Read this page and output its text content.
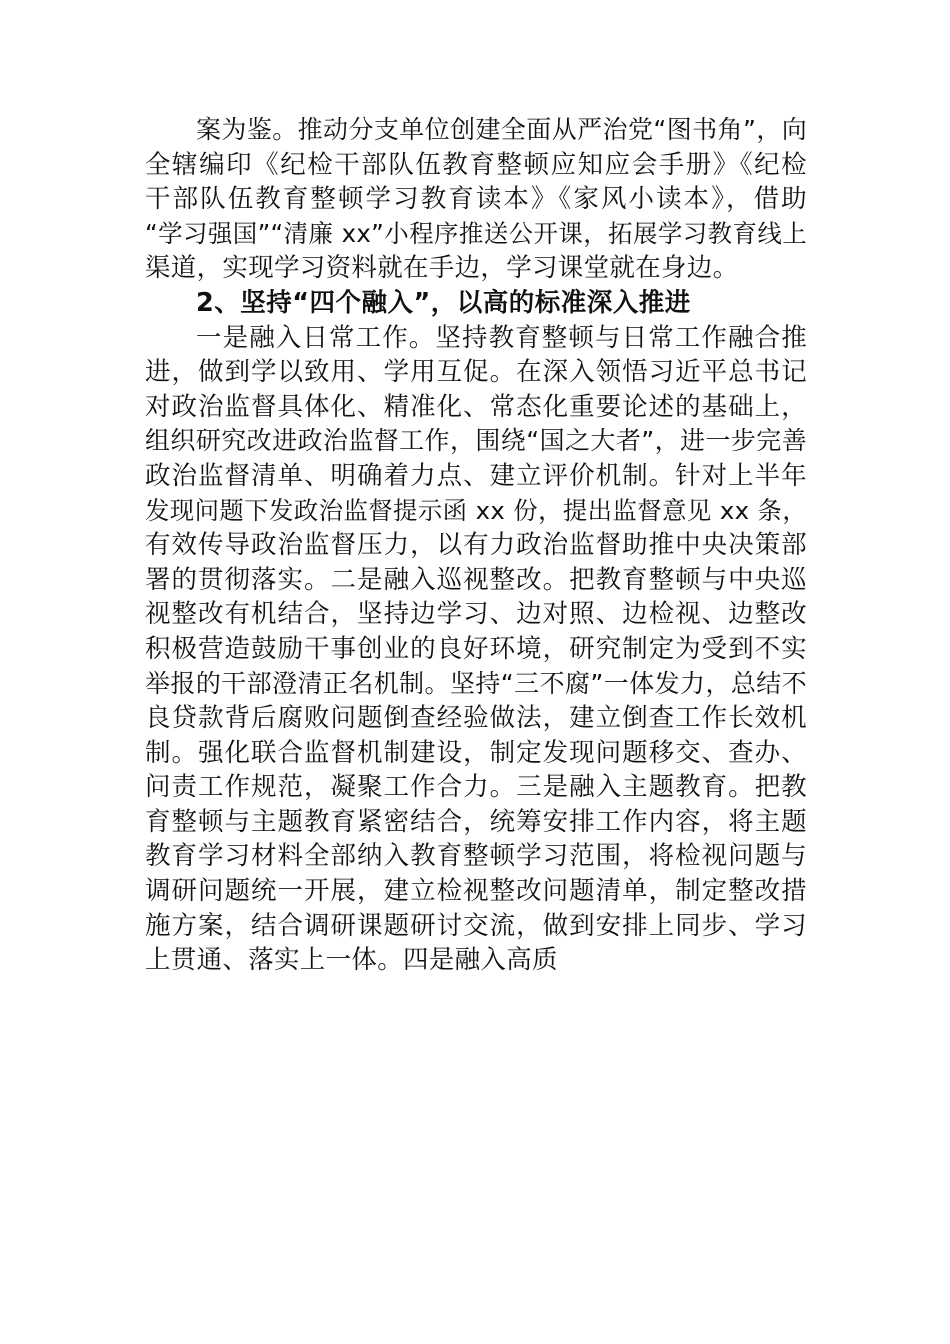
案为鉴。推动分支单位创建全面从严治党“图书角”，向
全辖编印《纪检干部队伍教育整顿应知应会手册》《纪检
干部队伍教育整顿学习教育读本》《家风小读本》，借助
“学习强国”“清廉 xx”小程序推送公开课，拓展学习教育线上
渠道，实现学习资料就在手边，学习课堂就在身边。
2、坚持“四个融入”，以高的标准深入推进
一是融入日常工作。坚持教育整顿与日常工作融合推
进，做到学以致用、学用互促。在深入领悟习近平总书记
对政治监督具体化、精准化、常态化重要论述的基础上，
组织研究改进政治监督工作，围绕“国之大者”，进一步完善
政治监督清单、明确着力点、建立评价机制。针对上半年
发现问题下发政治监督提示函 xx 份，提出监督意见 xx 条，
有效传导政治监督压力，以有力政治监督助推中央决策部
署的贯彻落实。二是融入巡视整改。把教育整顿与中央巡
视整改有机结合，坚持边学习、边对照、边检视、边整改
积极营造鼓励干事创业的良好环境，研究制定为受到不实
举报的干部澄清正名机制。坚持“三不腐”一体发力，总结不
良贷款背后腐败问题倒查经验做法，建立倒查工作长效机
制。强化联合监督机制建设，制定发现问题移交、查办、
问责工作规范，凝聚工作合力。三是融入主题教育。把教
育整顿与主题教育紧密结合，统筹安排工作内容，将主题
教育学习材料全部纳入教育整顿学习范围，将检视问题与
调研问题统一开展，建立检视整改问题清单，制定整改措
施方案，结合调研课题研讨交流，做到安排上同步、学习
上贯通、落实上一体。四是融入高质
